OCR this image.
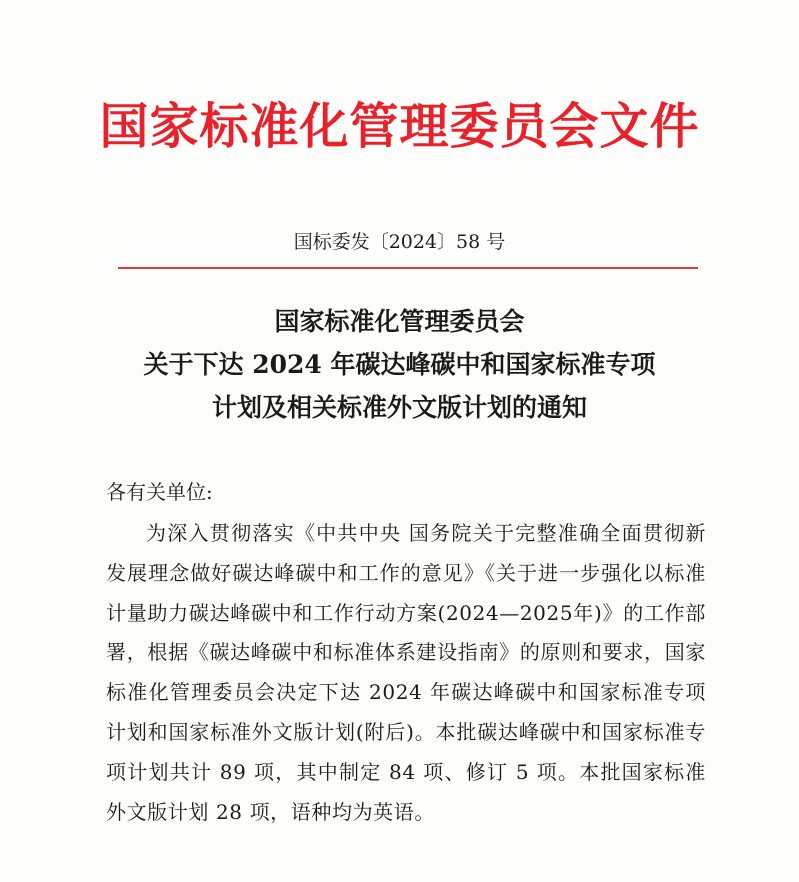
国家标准化管理委员会文件
国标委发〔2024〕58 号
国家标准化管理委员会
关于下达 2024 年碳达峰碳中和国家标准专项
计划及相关标准外文版计划的通知
各有关单位:
为深入贯彻落实《中共中央 国务院关于完整准确全面贯彻新发展理念做好碳达峰碳中和工作的意见》《关于进一步强化以标准计量助力碳达峰碳中和工作行动方案(2024—2025年)》的工作部署，根据《碳达峰碳中和标准体系建设指南》的原则和要求，国家标准化管理委员会决定下达 2024 年碳达峰碳中和国家标准专项计划和国家标准外文版计划(附后)。本批碳达峰碳中和国家标准专项计划共计 89 项，其中制定 84 项、修订 5 项。本批国家标准外文版计划 28 项，语种均为英语。
